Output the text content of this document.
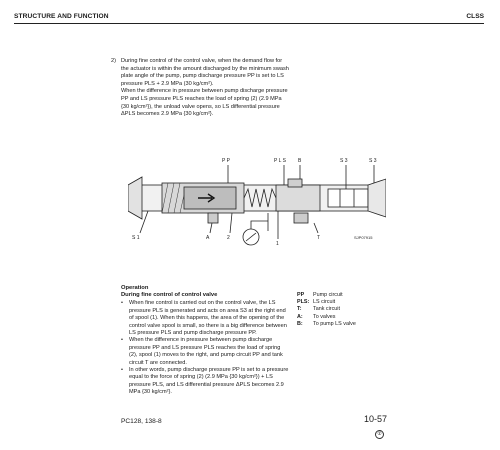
STRUCTURE AND FUNCTION	CLSS
2) During fine control of the control valve, when the demand flow for the actuator is within the amount discharged by the minimum swash plate angle of the pump, pump discharge pressure PP is set to LS pressure PLS + 2.9 MPa (30 kg/cm²).

When the difference in pressure between pump discharge pressure PP and LS pressure PLS reaches the load of spring (2) (2.9 MPa {30 kg/cm²}), the unload valve opens, so LS differential pressure ΔPLS becomes 2.9 MPa {30 kg/cm²}.

P P	P L S B	S 3	S 3
S 1	A	2
1
T	SJP07915
Operation
During fine control of control valve
• When fine control is carried out on the control valve, the LS pressure PLS is generated and acts on area S3 at the right end of spool (1). When this happens, the area of the opening of the control valve spool is small, so there is a big difference between LS pressure PLS and pump discharge pressure PP.
• When the difference in pressure between pump discharge pressure PP and LS pressure PLS reaches the load of spring (2), spool (1) moves to the right, and pump circuit PP and tank circuit T are connected.
• In other words, pump discharge pressure PP is set to a pressure equal to the force of spring (2) (2.9 MPa {30 kg/cm²}) + LS pressure PLS, and LS differential pressure ΔPLS becomes 2.9 MPa {30 kg/cm²}.
PP	Pump circuit
PLS: LS circuit
T:	Tank circuit
A:	To valves
B:	To pump LS valve
PC128, 138-8	10-57
②
